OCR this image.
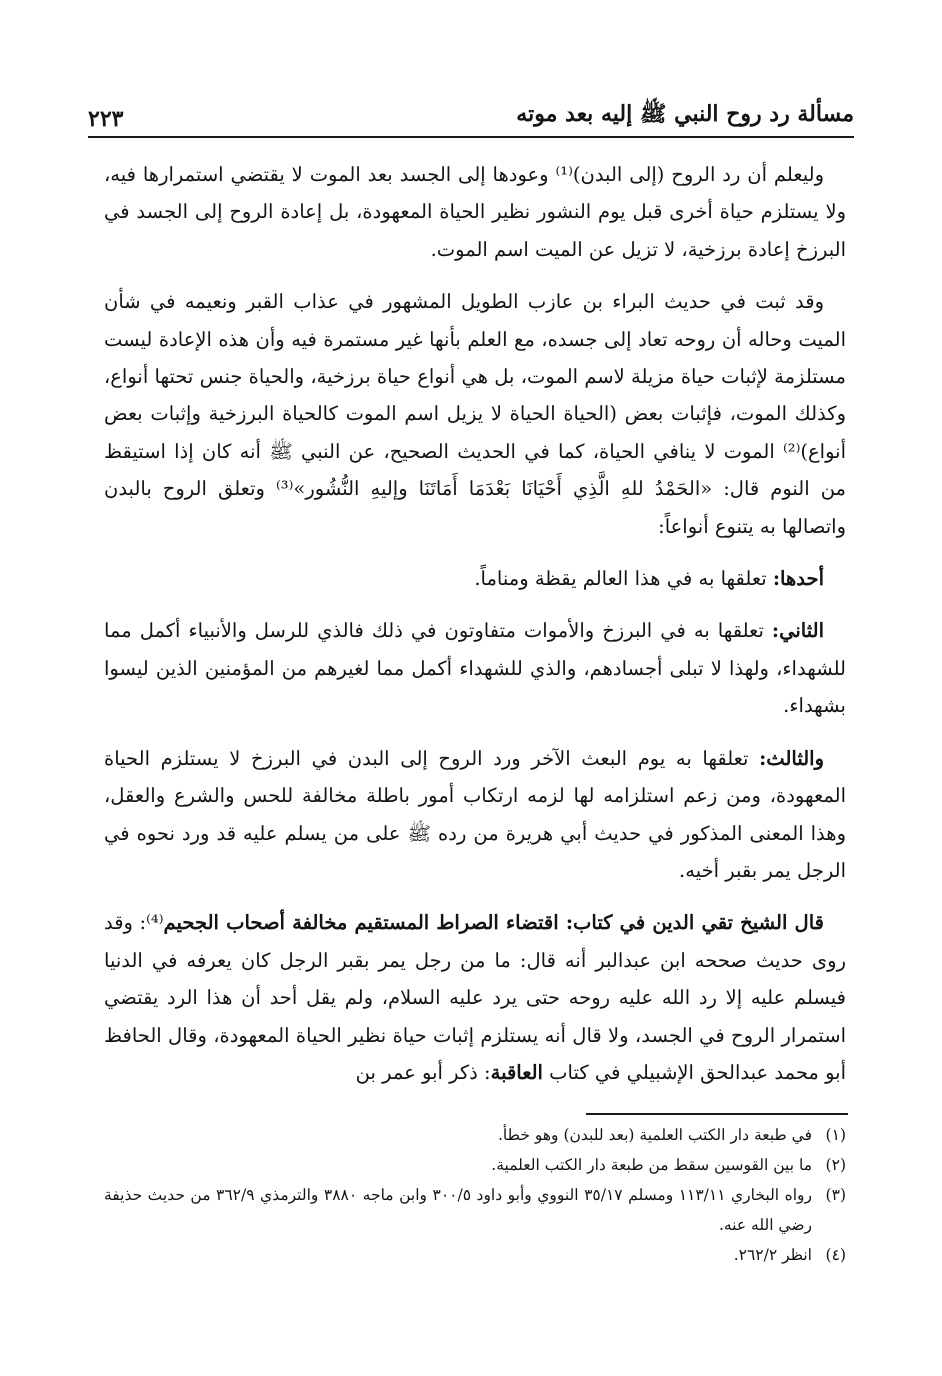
مسألة رد روح النبي ﷺ إليه بعد موته
٢٢٣

وليعلم أن رد الروح (إلى البدن)⁽¹⁾ وعودها إلى الجسد بعد الموت لا يقتضي استمرارها فيه، ولا يستلزم حياة أخرى قبل يوم النشور نظير الحياة المعهودة، بل إعادة الروح إلى الجسد في البرزخ إعادة برزخية، لا تزيل عن الميت اسم الموت.

وقد ثبت في حديث البراء بن عازب الطويل المشهور في عذاب القبر ونعيمه في شأن الميت وحاله أن روحه تعاد إلى جسده، مع العلم بأنها غير مستمرة فيه وأن هذه الإعادة ليست مستلزمة لإثبات حياة مزيلة لاسم الموت، بل هي أنواع حياة برزخية، والحياة جنس تحتها أنواع، وكذلك الموت، فإثبات بعض (الحياة الحياة لا يزيل اسم الموت كالحياة البرزخية وإثبات بعض أنواع)⁽²⁾ الموت لا ينافي الحياة، كما في الحديث الصحيح، عن النبي ﷺ أنه كان إذا استيقظ من النوم قال: «الحَمْدُ للهِ الَّذِي أَحْيَانَا بَعْدَمَا أَمَاتَنَا وإليهِ النُّشُور»⁽³⁾ وتعلق الروح بالبدن واتصالها به يتنوع أنواعاً:

أحدها: تعلقها به في هذا العالم يقظة ومناماً.

الثاني: تعلقها به في البرزخ والأموات متفاوتون في ذلك فالذي للرسل والأنبياء أكمل مما للشهداء، ولهذا لا تبلى أجسادهم، والذي للشهداء أكمل مما لغيرهم من المؤمنين الذين ليسوا بشهداء.

والثالث: تعلقها به يوم البعث الآخر ورد الروح إلى البدن في البرزخ لا يستلزم الحياة المعهودة، ومن زعم استلزامه لها لزمه ارتكاب أمور باطلة مخالفة للحس والشرع والعقل، وهذا المعنى المذكور في حديث أبي هريرة من رده ﷺ على من يسلم عليه قد ورد نحوه في الرجل يمر بقبر أخيه.

قال الشيخ تقي الدين في كتاب: اقتضاء الصراط المستقيم مخالفة أصحاب الجحيم⁽⁴⁾: وقد روى حديث صححه ابن عبدالبر أنه قال: ما من رجل يمر بقبر الرجل كان يعرفه في الدنيا فيسلم عليه إلا رد الله عليه روحه حتى يرد عليه السلام، ولم يقل أحد أن هذا الرد يقتضي استمرار الروح في الجسد، ولا قال أنه يستلزم إثبات حياة نظير الحياة المعهودة، وقال الحافظ أبو محمد عبدالحق الإشبيلي في كتاب العاقبة: ذكر أبو عمر بن

(١)
في طبعة دار الكتب العلمية (بعد للبدن) وهو خطأ.
(٢)
ما بين القوسين سقط من طبعة دار الكتب العلمية.
(٣)
رواه البخاري ١١٣/١١ ومسلم ٣٥/١٧ النووي وأبو داود ٣٠٠/٥ وابن ماجه ٣٨٨٠ والترمذي ٣٦٢/٩ من حديث حذيفة رضي الله عنه.
(٤)
انظر ٢٦٢/٢.
